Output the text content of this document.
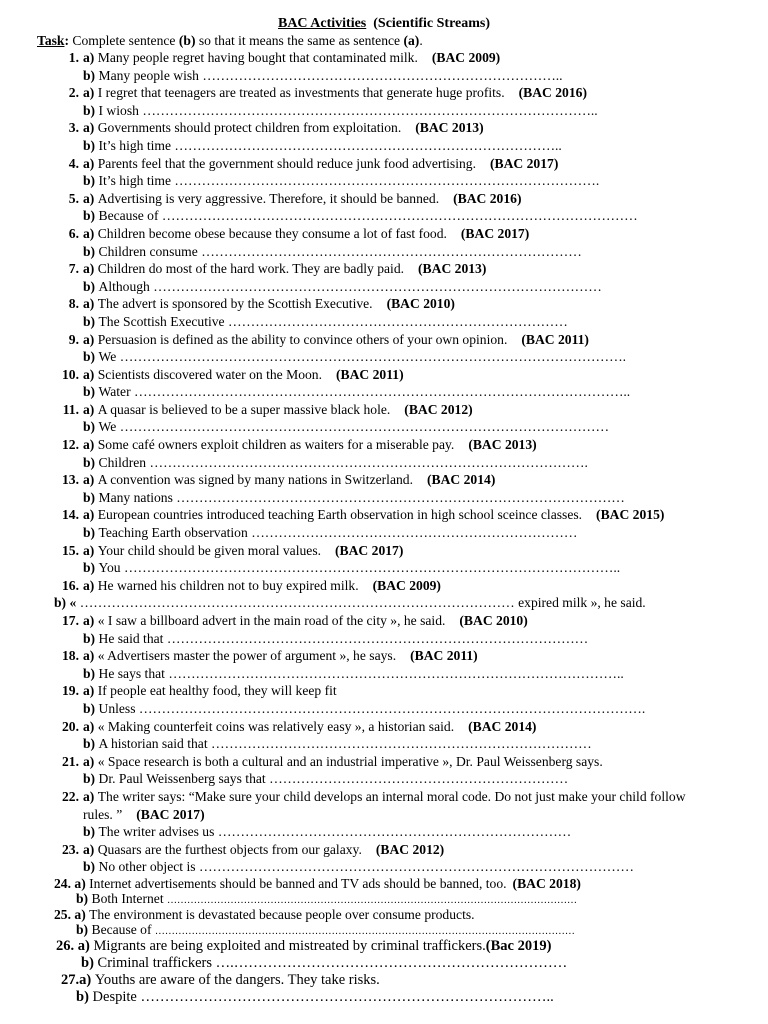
BAC Activities (Scientific Streams)
Task: Complete sentence (b) so that it means the same as sentence (a).
1. a) Many people regret having bought that contaminated milk. (BAC 2009)
b) Many people wish ……………………………………………………………………..
2. a) I regret that teenagers are treated as investments that generate huge profits. (BAC 2016)
b) I wiosh ………………………………………………………………………………………..
3. a) Governments should protect children from exploitation. (BAC 2013)
b) It’s high time …………………………………………………………………………..
4. a) Parents feel that the government should reduce junk food advertising. (BAC 2017)
b) It’s high time ………………………………………………………………………………….
5. a) Advertising is very aggressive. Therefore, it should be banned. (BAC 2016)
b) Because of ……………………………………………………………………………………………
6. a) Children become obese because they consume a lot of fast food. (BAC 2017)
b) Children consume …………………………………………………………………………
7. a) Children do most of the hard work. They are badly paid. (BAC 2013)
b) Although ………………………………………………………………………………………
8. a) The advert is sponsored by the Scottish Executive. (BAC 2010)
b) The Scottish Executive …………………………………………………………………
9. a) Persuasion is defined as the ability to convince others of your own opinion. (BAC 2011)
b) We ………………………………………………………………………………………………….
10. a) Scientists discovered water on the Moon. (BAC 2011)
b) Water ………………………………………………………………………………………………..
11. a) A quasar is believed to be a super massive black hole. (BAC 2012)
b) We ………………………………………………………………………………………………
12. a) Some café owners exploit children as waiters for a miserable pay. (BAC 2013)
b) Children …………………………………………………………………………………….
13. a) A convention was signed by many nations in Switzerland. (BAC 2014)
b) Many nations ………………………………………………………………………………………
14. a) European countries introduced teaching Earth observation in high school sceince classes. (BAC 2015)
b) Teaching Earth observation ………………………………………………………………
15. a) Your child should be given moral values. (BAC 2017)
b) You ………………………………………………………………………………………………..
16. a) He warned his children not to buy expired milk. (BAC 2009)
b) « …………………………………………………………………………………… expired milk », he said.
17. a) « I saw a billboard advert in the main road of the city », he said. (BAC 2010)
b) He said that …………………………………………………………………………………
18. a) « Advertisers master the power of argument », he says. (BAC 2011)
b) He says that ………………………………………………………………………………………..
19. a) If people eat healthy food, they will keep fit
b) Unless ………………………………………………………………………………………………….
20. a) « Making counterfeit coins was relatively easy », a historian said. (BAC 2014)
b) A historian said that …………………………………………………………………………
21. a) « Space research is both a cultural and an industrial imperative », Dr. Paul Weissenberg says.
b) Dr. Paul Weissenberg says that …………………………………………………………
22. a) The writer says: “Make sure your child develops an internal moral code. Do not just make your child follow rules. ” (BAC 2017)
b) The writer advises us ……………………………………………………………………
23. a) Quasars are the furthest objects from our galaxy. (BAC 2012)
b) No other object is ……………………………………………………………………………………
24. a) Internet advertisements should be banned and TV ads should be banned, too. (BAC 2018)
b) Both Internet ……………………………………………………………………………………………………………
25. a) The environment is devastated because people over consume products.
b) Because of ………………………………………………………………………………………………………………
26. a) Migrants are being exploited and mistreated by criminal traffickers.(Bac 2019)
b) Criminal traffickers ….……………………………………………………………
27.a) Youths are aware of the dangers. They take risks.
b) Despite …………………………………………………………………………..
